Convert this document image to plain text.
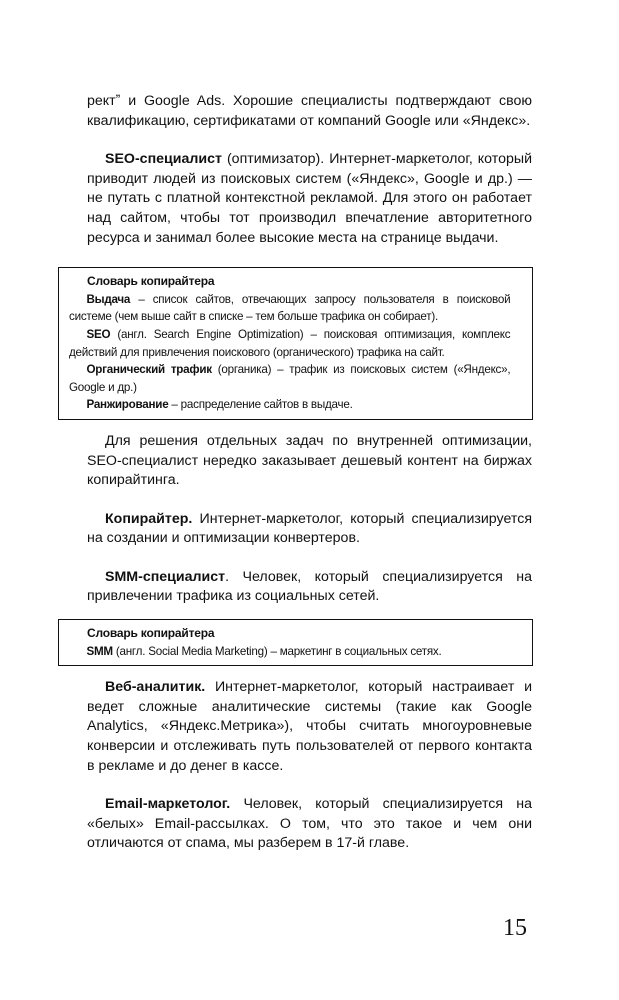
ректˮ и Google Ads. Хорошие специалисты подтверждают свою квалификацию, сертификатами от компаний Google или «Яндекс».

SEO-специалист (оптимизатор). Интернет-маркетолог, который приводит людей из поисковых систем («Яндекс», Google и др.) — не путать с платной контекстной рекламой. Для этого он работает над сайтом, чтобы тот производил впечатление авторитетного ресурса и занимал более высокие места на странице выдачи.

Словарь копирайтера

Выдача – список сайтов, отвечающих запросу пользователя в поисковой системе (чем выше сайт в списке – тем больше трафика он собирает).

SEO (англ. Search Engine Optimization) – поисковая оптимизация, комплекс действий для привлечения поискового (органического) трафика на сайт.

Органический трафик (органика) – трафик из поисковых систем («Яндекс», Google и др.)

Ранжирование – распределение сайтов в выдаче.

Для решения отдельных задач по внутренней оптимизации, SEO-специалист нередко заказывает дешевый контент на биржах копирайтинга.

Копирайтер. Интернет-маркетолог, который специализируется на создании и оптимизации конвертеров.

SMM-специалист. Человек, который специализируется на привлечении трафика из социальных сетей.

Словарь копирайтера

SMM (англ. Social Media Marketing) – маркетинг в социальных сетях.

Веб-аналитик. Интернет-маркетолог, который настраивает и ведет сложные аналитические системы (такие как Google Analytics, «Яндекс.Метрика»), чтобы считать многоуровневые конверсии и отслеживать путь пользователей от первого контакта в рекламе и до денег в кассе.

Email-маркетолог. Человек, который специализируется на «белых» Email-рассылках. О том, что это такое и чем они отличаются от спама, мы разберем в 17-й главе.

15
